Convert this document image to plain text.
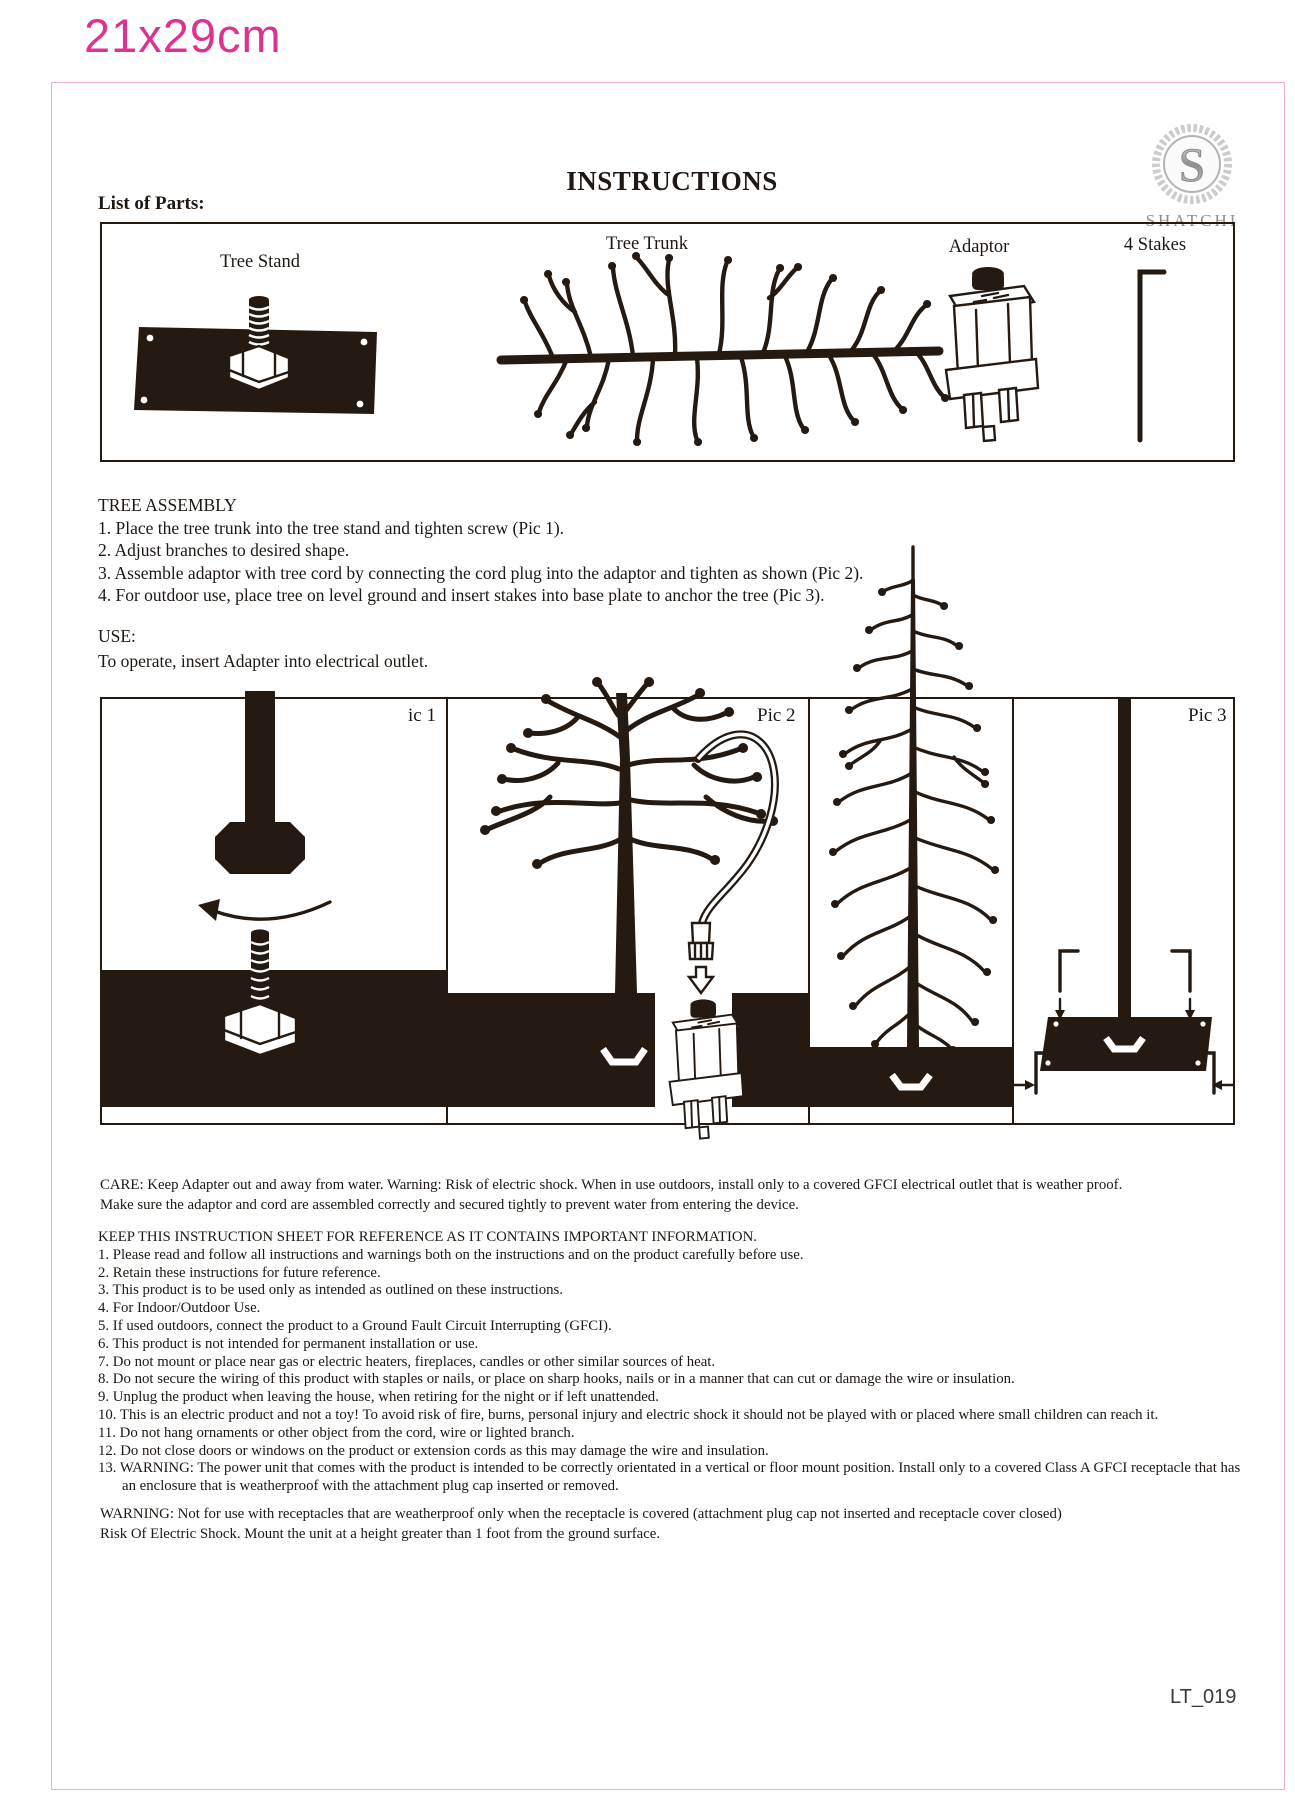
21x29cm
INSTRUCTIONS
List of Parts:
S
SHATCHI
Tree Stand
Tree Trunk	Adaptor	4 Stakes
TREE ASSEMBLY
1. Place the tree trunk into the tree stand and tighten screw (Pic 1).
2. Adjust branches to desired shape.
3. Assemble adaptor with tree cord by connecting the cord plug into the adaptor and tighten as shown (Pic 2).
4. For outdoor use, place tree on level ground and insert stakes into base plate to anchor the tree (Pic 3).
USE:
To operate, insert Adapter into electrical outlet.
ic 1	Pic 2	Pic 3
CARE: Keep Adapter out and away from water. Warning: Risk of electric shock. When in use outdoors, install only to a covered GFCI electrical outlet that is weather proof.
Make sure the adaptor and cord are assembled correctly and secured tightly to prevent water from entering the device.
KEEP THIS INSTRUCTION SHEET FOR REFERENCE AS IT CONTAINS IMPORTANT INFORMATION.
1. Please read and follow all instructions and warnings both on the instructions and on the product carefully before use.
2. Retain these instructions for future reference.
3. This product is to be used only as intended as outlined on these instructions.
4. For Indoor/Outdoor Use.
5. If used outdoors, connect the product to a Ground Fault Circuit Interrupting (GFCI).
6. This product is not intended for permanent installation or use.
7. Do not mount or place near gas or electric heaters, fireplaces, candles or other similar sources of heat.
8. Do not secure the wiring of this product with staples or nails, or place on sharp hooks, nails or in a manner that can cut or damage the wire or insulation.
9. Unplug the product when leaving the house, when retiring for the night or if left unattended.
10. This is an electric product and not a toy! To avoid risk of fire, burns, personal injury and electric shock it should not be played with or placed where small children can reach it.
11. Do not hang ornaments or other object from the cord, wire or lighted branch.
12. Do not close doors or windows on the product or extension cords as this may damage the wire and insulation.
13. WARNING: The power unit that comes with the product is intended to be correctly orientated in a vertical or floor mount position. Install only to a covered Class A GFCI receptacle that has an enclosure that is weatherproof with the attachment plug cap inserted or removed.
WARNING: Not for use with receptacles that are weatherproof only when the receptacle is covered (attachment plug cap not inserted and receptacle cover closed)
Risk Of Electric Shock. Mount the unit at a height greater than 1 foot from the ground surface.
LT_019
